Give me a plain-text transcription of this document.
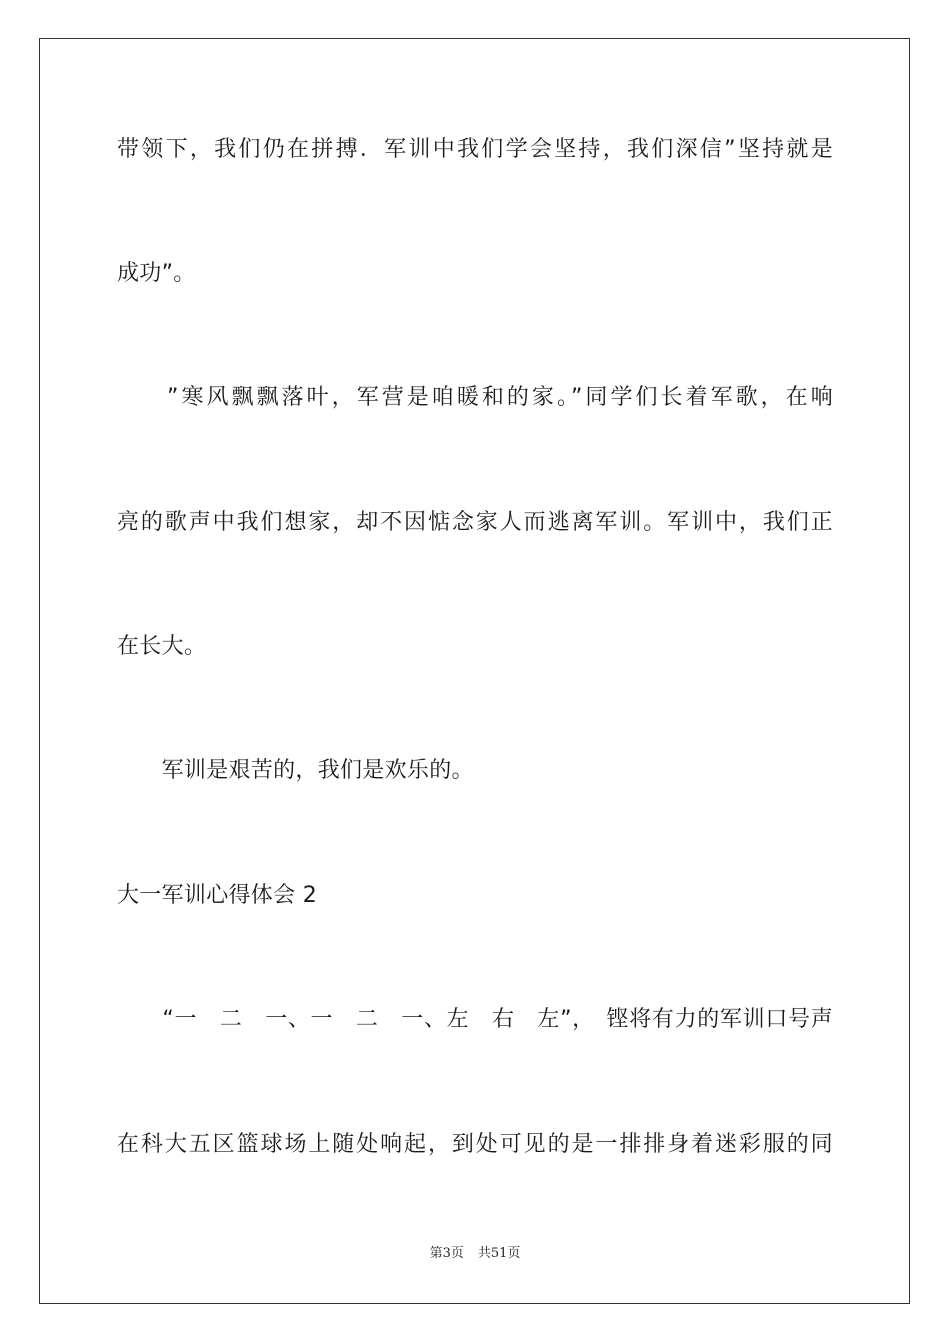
带领下，我们仍在拼搏．军训中我们学会坚持，我们深信”坚持就是
成功”。
　　”寒风飘飘落叶，军营是咱暖和的家。”同学们长着军歌，在响
亮的歌声中我们想家，却不因惦念家人而逃离军训。军训中，我们正
在长大。
　　军训是艰苦的，我们是欢乐的。
大一军训心得体会 2
　　“一　二　一、一　二　一、左　右　左”，　铿将有力的军训口号声
在科大五区篮球场上随处响起，到处可见的是一排排身着迷彩服的同
第3页 共51页
